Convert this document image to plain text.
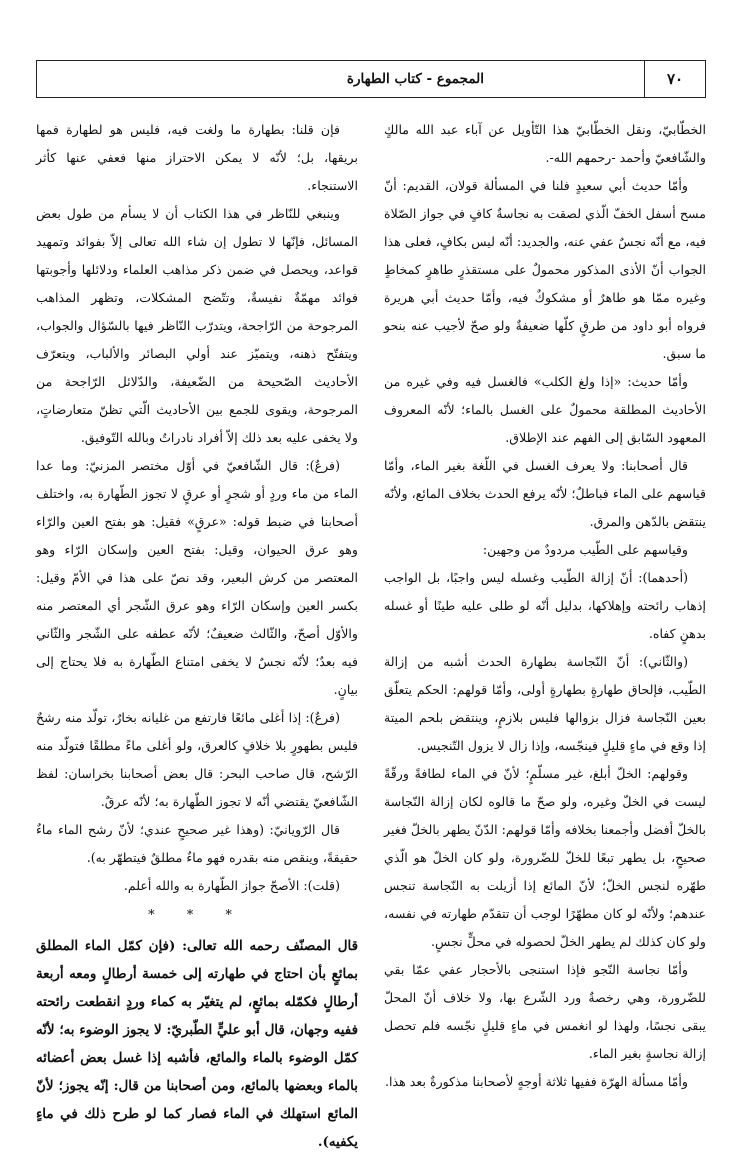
٧٠
المجموع - كتاب الطهارة

الخطّابيّ، ونقل الخطّابيّ هذا التّأويل عن آباء عبد الله مالكٍ والشّافعيّ وأحمد -رحمهم الله-.

وأمّا حديث أبي سعيدٍ فلنا في المسألة قولان، القديم: أنّ مسح أسفل الخفّ الّذي لصقت به نجاسةٌ كافٍ في جواز الصّلاة فيه، مع أنّه نجسٌ عفي عنه، والجديد: أنّه ليس بكافٍ، فعلى هذا الجواب أنّ الأذى المذكور محمولٌ على مستقذرٍ طاهرٍ كمخاطٍ وغيره ممّا هو طاهرٌ أو مشكوكٌ فيه، وأمّا حديث أبي هريرة فرواه أبو داود من طرقٍ كلّها ضعيفةٌ ولو صحّ لأجيب عنه بنحو ما سبق.

وأمّا حديث: «إذا ولغ الكلب» فالغسل فيه وفي غيره من الأحاديث المطلقة محمولٌ على الغسل بالماء؛ لأنّه المعروف المعهود السّابق إلى الفهم عند الإطلاق.

قال أصحابنا: ولا يعرف الغسل في اللّغة بغير الماء، وأمّا قياسهم على الماء فباطلٌ؛ لأنّه يرفع الحدث بخلاف المائع، ولأنّه ينتقض بالدّهن والمرق.

وقياسهم على الطّيب مردودٌ من وجهين:

(أحدهما): أنّ إزالة الطّيب وغسله ليس واجبًا، بل الواجب إذهاب رائحته وإهلاكها، بدليل أنّه لو طلى عليه طينًا أو غسله بدهنٍ كفاه.

(والثّاني): أنّ النّجاسة بطهارة الحدث أشبه من إزالة الطّيب، فإلحاق طهارةٍ بطهارةٍ أولى، وأمّا قولهم: الحكم يتعلّق بعين النّجاسة فزال بزوالها فليس بلازمٍ، وينتقض بلحم الميتة إذا وقع في ماءٍ قليلٍ فينجّسه، وإذا زال لا يزول التّنجيس.

وقولهم: الخلّ أبلغ، غير مسلّمٍ؛ لأنّ في الماء لطافةً ورقّةً ليست في الخلّ وغيره، ولو صحّ ما قالوه لكان إزالة النّجاسة بالخلّ أفضل وأجمعنا بخلافه وأمّا قولهم: الدّنّ يطهر بالخلّ فغير صحيحٍ، بل يطهر تبعًا للخلّ للضّرورة، ولو كان الخلّ هو الّذي طهّره لنجس الخلّ؛ لأنّ المائع إذا أزيلت به النّجاسة تنجس عندهم؛ ولأنّه لو كان مطهّرًا لوجب أن تتقدّم طهارته في نفسه، ولو كان كذلك لم يطهر الخلّ لحصوله في محلٍّ نجسٍ.

وأمّا نجاسة النّجو فإذا استنجى بالأحجار عفي عمّا بقي للضّرورة، وهي رخصةٌ ورد الشّرع بها، ولا خلاف أنّ المحلّ يبقى نجسًا، ولهذا لو انغمس في ماءٍ قليلٍ نجّسه فلم تحصل إزالة نجاسةٍ بغير الماء.

وأمّا مسألة الهرّة ففيها ثلاثة أوجهٍ لأصحابنا مذكورةٌ بعد هذا.

فإن قلنا: بطهارة ما ولغت فيه، فليس هو لطهارة فمها بريقها، بل؛ لأنّه لا يمكن الاحتراز منها فعفي عنها كأثر الاستنجاء.

وينبغي للنّاظر في هذا الكتاب أن لا يسأم من طول بعض المسائل، فإنّها لا تطول إن شاء الله تعالى إلاّ بفوائد وتمهيد قواعد، ويحصل في ضمن ذكر مذاهب العلماء ودلائلها وأجوبتها فوائد مهمّةٌ نفيسةٌ، وتتّضح المشكلات، وتظهر المذاهب المرجوحة من الرّاجحة، ويتدرّب النّاظر فيها بالسّؤال والجواب، ويتفتّح ذهنه، ويتميّز عند أولي البصائر والألباب، ويتعرّف الأحاديث الصّحيحة من الضّعيفة، والدّلائل الرّاجحة من المرجوحة، ويقوى للجمع بين الأحاديث الّتي تظنّ متعارضاتٍ، ولا يخفى عليه بعد ذلك إلاّ أفراد نادراتٌ وبالله التّوفيق.

(فرعٌ): قال الشّافعيّ في أوّل مختصر المزنيّ: وما عدا الماء من ماء وردٍ أو شجرٍ أو عرقٍ لا تجوز الطّهارة به، واختلف أصحابنا في ضبط قوله: «عرقٍ» فقيل: هو بفتح العين والرّاء وهو عرق الحيوان، وقيل: بفتح العين وإسكان الرّاء وهو المعتصر من كرش البعير، وقد نصّ على هذا في الأمّ وقيل: بكسر العين وإسكان الرّاء وهو عرق الشّجر أي المعتصر منه والأوّل أصحّ، والثّالث ضعيفٌ؛ لأنّه عطفه على الشّجر والثّاني فيه بعدٌ؛ لأنّه نجسٌ لا يخفى امتناع الطّهارة به فلا يحتاج إلى بيانٍ.

(فرعٌ): إذا أغلى مائعًا فارتفع من غليانه بخارٌ، تولّد منه رشحٌ فليس بطهورٍ بلا خلافٍ كالعرق، ولو أغلى ماءً مطلقًا فتولّد منه الرّشح، قال صاحب البحر: قال بعض أصحابنا بخراسان: لفظ الشّافعيّ يقتضي أنّه لا تجوز الطّهارة به؛ لأنّه عرقٌ.

قال الرّويانيّ: (وهذا غير صحيحٍ عندي؛ لأنّ رشح الماء ماءٌ حقيقةً، وينقص منه بقدره فهو ماءٌ مطلقٌ فيتطهّر به).

(قلت): الأصحّ جواز الطّهارة به والله أعلم.

* * *

قال المصنّف رحمه الله تعالى: (فإن كمّل الماء المطلق بمائعٍ بأن احتاج في طهارته إلى خمسة أرطالٍ ومعه أربعة أرطالٍ فكمّله بمائعٍ، لم يتغيّر به كماء وردٍ انقطعت رائحته ففيه وجهان، قال أبو عليٍّ الطّبريّ: لا يجوز الوضوء به؛ لأنّه كمّل الوضوء بالماء والمائع، فأشبه إذا غسل بعض أعضائه بالماء وبعضها بالمائع، ومن أصحابنا من قال: إنّه يجوز؛ لأنّ المائع استهلك في الماء فصار كما لو طرح ذلك في ماءٍ يكفيه).
